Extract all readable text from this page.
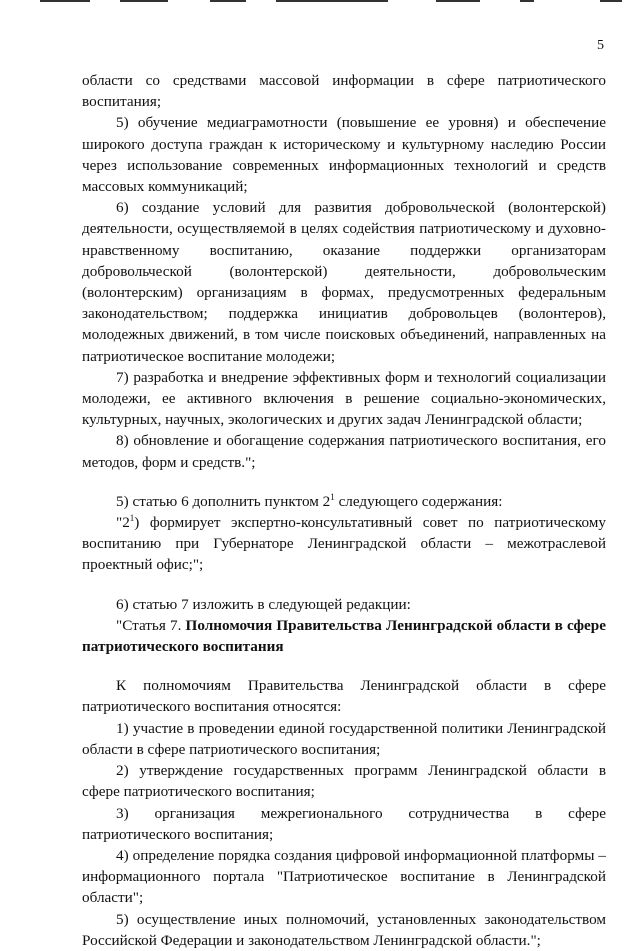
5

области со средствами массовой информации в сфере патриотического воспитания;

5) обучение медиаграмотности (повышение ее уровня) и обеспечение широкого доступа граждан к историческому и культурному наследию России через использование современных информационных технологий и средств массовых коммуникаций;

6) создание условий для развития добровольческой (волонтерской) деятельности, осуществляемой в целях содействия патриотическому и духовно-нравственному воспитанию, оказание поддержки организаторам добровольческой (волонтерской) деятельности, добровольческим (волонтерским) организациям в формах, предусмотренных федеральным законодательством; поддержка инициатив добровольцев (волонтеров), молодежных движений, в том числе поисковых объединений, направленных на патриотическое воспитание молодежи;

7) разработка и внедрение эффективных форм и технологий социализации молодежи, ее активного включения в решение социально-экономических, культурных, научных, экологических и других задач Ленинградской области;

8) обновление и обогащение содержания патриотического воспитания, его методов, форм и средств.";

5) статью 6 дополнить пунктом $2^1$ следующего содержания:

"$2^1$) формирует экспертно-консультативный совет по патриотическому воспитанию при Губернаторе Ленинградской области – межотраслевой проектный офис;";

6) статью 7 изложить в следующей редакции:

"Статья 7. Полномочия Правительства Ленинградской области в сфере патриотического воспитания

К полномочиям Правительства Ленинградской области в сфере патриотического воспитания относятся:

1) участие в проведении единой государственной политики Ленинградской области в сфере патриотического воспитания;

2) утверждение государственных программ Ленинградской области в сфере патриотического воспитания;

3) организация межрегионального сотрудничества в сфере патриотического воспитания;

4) определение порядка создания цифровой информационной платформы – информационного портала "Патриотическое воспитание в Ленинградской области";

5) осуществление иных полномочий, установленных законодательством Российской Федерации и законодательством Ленинградской области.";
